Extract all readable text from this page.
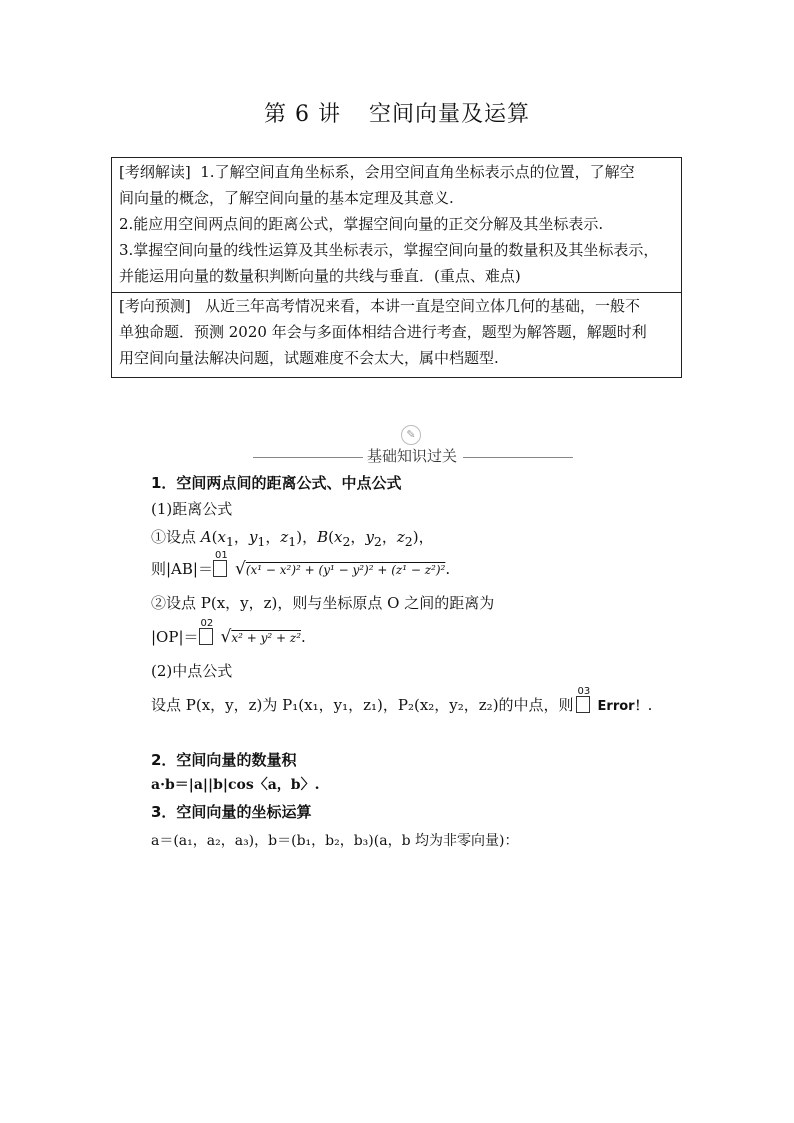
第 6 讲 空间向量及运算

[考纲解读] 1.了解空间直角坐标系，会用空间直角坐标表示点的位置，了解空

间向量的概念，了解空间向量的基本定理及其意义.

2.能应用空间两点间的距离公式，掌握空间向量的正交分解及其坐标表示.

3.掌握空间向量的线性运算及其坐标表示，掌握空间向量的数量积及其坐标表示，

并能运用向量的数量积判断向量的共线与垂直．(重点、难点)

[考向预测] 从近三年高考情况来看，本讲一直是空间立体几何的基础，一般不

单独命题．预测 2020 年会与多面体相结合进行考查，题型为解答题，解题时利

用空间向量法解决问题，试题难度不会太大，属中档题型.

✎
基础知识过关
1．空间两点间的距离公式、中点公式
(1)距离公式
①设点 $A(x_1$，$y_1$，$z_1$)，$B(x_2$，$y_2$，$z_2$)，
则|AB|＝
01
√(x¹ − x²)² + (y¹ − y²)² + (z¹ − z²)².
②设点 P(x，y，z)，则与坐标原点 O 之间的距离为
|OP|＝
02
√x² + y² + z².
(2)中点公式
设点 P(x，y，z)为 P₁(x₁，y₁，z₁)，P₂(x₂，y₂，z₂)的中点，则
03
Error！.
2．空间向量的数量积
a·b＝|a||b|cos〈a，b〉.
3．空间向量的坐标运算
a＝(a₁，a₂，a₃)，b＝(b₁，b₂，b₃)(a，b 均为非零向量)：
